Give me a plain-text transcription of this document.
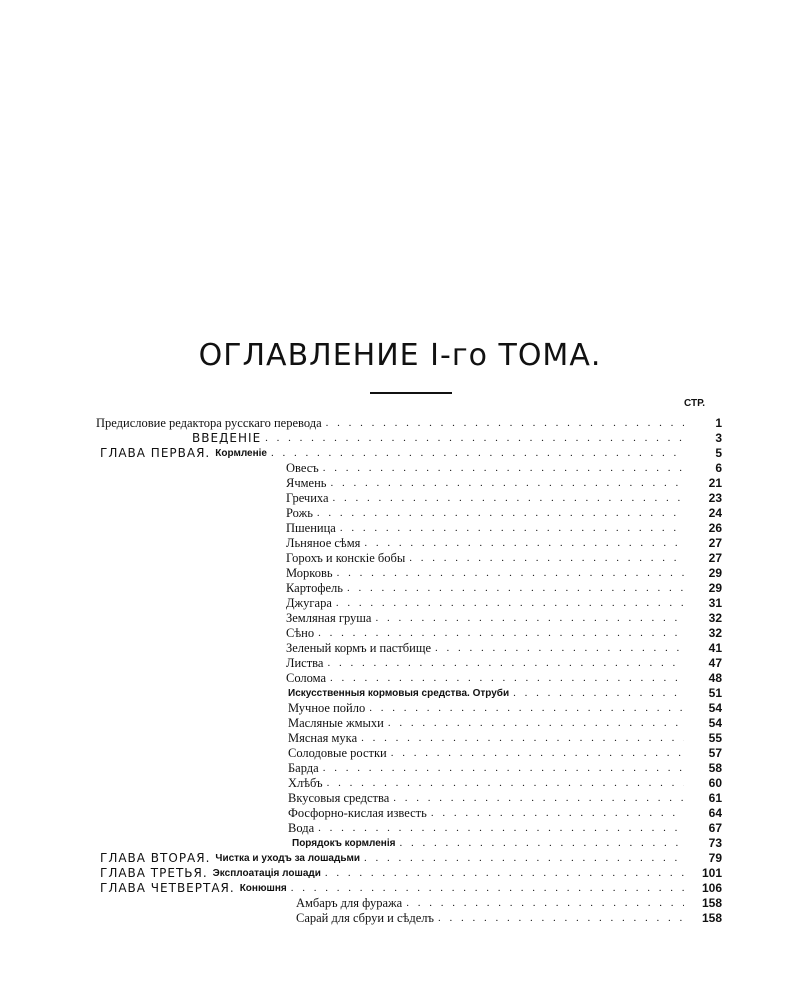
ОГЛАВЛЕНИЕ I-го ТОМА.
СТР.
Предисловие редактора русскаго перевода . . .	1
ВВЕДЕНIЕ . . .	3
ГЛАВА ПЕРВАЯ. Кормленiе . . .	5
Овесъ . . .	6
Ячмень . . .	21
Гречиха . . .	23
Рожь . . .	24
Пшеница . . .	26
Льняное сѣмя . . .	27
Горохъ и конскiе бобы . . .	27
Морковь . . .	29
Картофель . . .	29
Джугара . . .	31
Земляная груша . . .	32
Сѣно . . .	32
Зеленый кормъ и пастбище . . .	41
Листва . . .	47
Солома . . .	48
Искусственныя кормовыя средства. Отруби . . .	51
Мучное пойло . . .	54
Масляные жмыхи . . .	54
Мясная мука . . .	55
Солодовые ростки . . .	57
Барда . . .	58
Хлѣбъ . . .	60
Вкусовыя средства . . .	61
Фосфорно-кислая известь . . .	64
Вода . . .	67
Порядокъ кормленiя . . .	73
ГЛАВА ВТОРАЯ. Чистка и уходъ за лошадьми . . .	79
ГЛАВА ТРЕТЬЯ. Эксплоатацiя лошади . . .	101
ГЛАВА ЧЕТВЕРТАЯ. Конюшня . . .	106
Амбаръ для фуража . . .	158
Сарай для сбруи и сѣделъ . . .	158
